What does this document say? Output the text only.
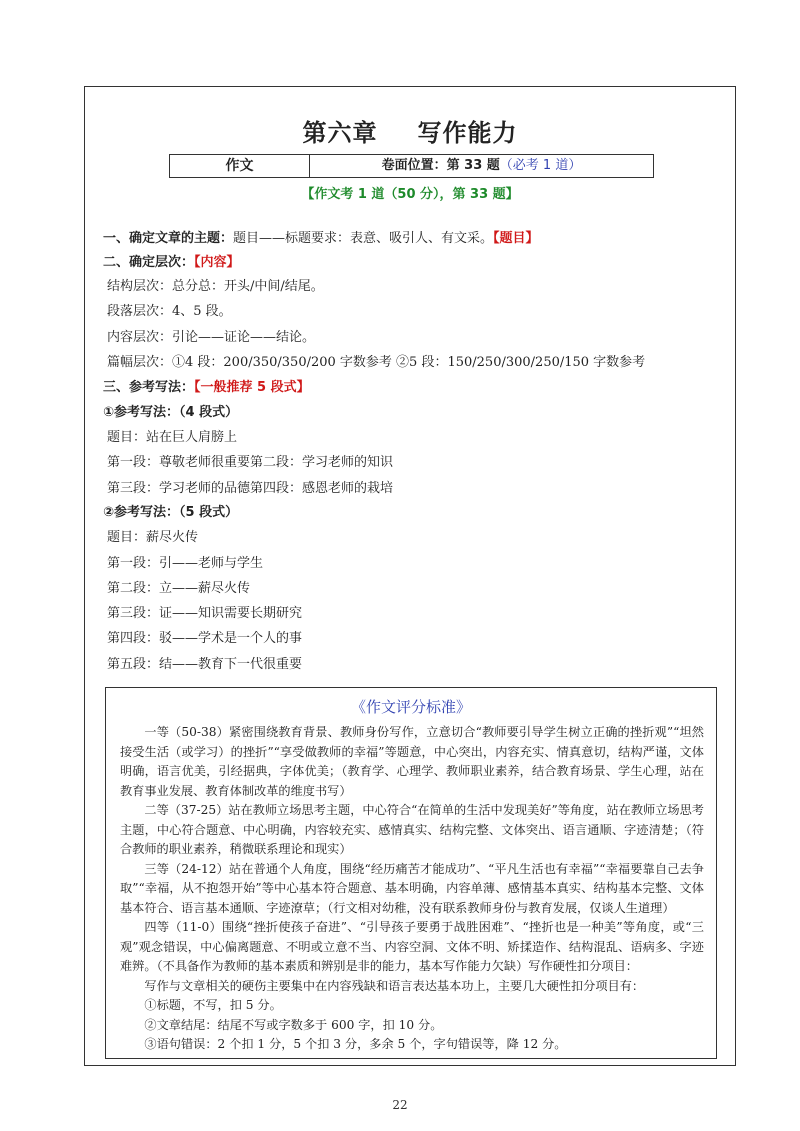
第六章 写作能力
作文	卷面位置：第 33 题（必考 1 道）
【作文考 1 道（50 分），第 33 题】
一、确定文章的主题：题目——标题要求：表意、吸引人、有文采。【题目】
二、确定层次：【内容】
结构层次：总分总：开头/中间/结尾。
段落层次：4、5 段。
内容层次：引论——证论——结论。
篇幅层次：①4 段：200/350/350/200 字数参考 ②5 段：150/250/300/250/150 字数参考
三、参考写法：【一般推荐 5 段式】
①参考写法：（4 段式）
题目：站在巨人肩膀上
第一段：尊敬老师很重要第二段：学习老师的知识
第三段：学习老师的品德第四段：感恩老师的栽培
②参考写法：（5 段式）
题目：薪尽火传
第一段：引——老师与学生
第二段：立——薪尽火传
第三段：证——知识需要长期研究
第四段：驳——学术是一个人的事
第五段：结——教育下一代很重要
《作文评分标准》

一等（50-38）紧密围绕教育背景、教师身份写作，立意切合“教师要引导学生树立正确的挫折观”“坦然接受生活（或学习）的挫折”“享受做教师的幸福”等题意，中心突出，内容充实、情真意切，结构严谨，文体明确，语言优美，引经据典，字体优美；（教育学、心理学、教师职业素养，结合教育场景、学生心理，站在教育事业发展、教育体制改革的维度书写）

二等（37-25）站在教师立场思考主题，中心符合“在简单的生活中发现美好”等角度，站在教师立场思考主题，中心符合题意、中心明确，内容较充实、感情真实、结构完整、文体突出、语言通顺、字迹清楚；（符合教师的职业素养，稍微联系理论和现实）

三等（24-12）站在普通个人角度，围绕“经历痛苦才能成功”、“平凡生活也有幸福”“幸福要靠自己去争取”“幸福，从不抱怨开始”等中心基本符合题意、基本明确，内容单薄、感情基本真实、结构基本完整、文体基本符合、语言基本通顺、字迹潦草；（行文相对幼稚，没有联系教师身份与教育发展，仅谈人生道理）

四等（11-0）围绕“挫折使孩子奋进”、“引导孩子要勇于战胜困难”、“挫折也是一种美”等角度，或“三观”观念错误，中心偏离题意、不明或立意不当、内容空洞、文体不明、矫揉造作、结构混乱、语病多、字迹难辨。（不具备作为教师的基本素质和辨别是非的能力，基本写作能力欠缺）写作硬性扣分项目：

写作与文章相关的硬伤主要集中在内容残缺和语言表达基本功上，主要几大硬性扣分项目有：

①标题，不写，扣 5 分。

②文章结尾：结尾不写或字数多于 600 字，扣 10 分。

③语句错误：2 个扣 1 分，5 个扣 3 分，多余 5 个，字句错误等，降 12 分。

22
